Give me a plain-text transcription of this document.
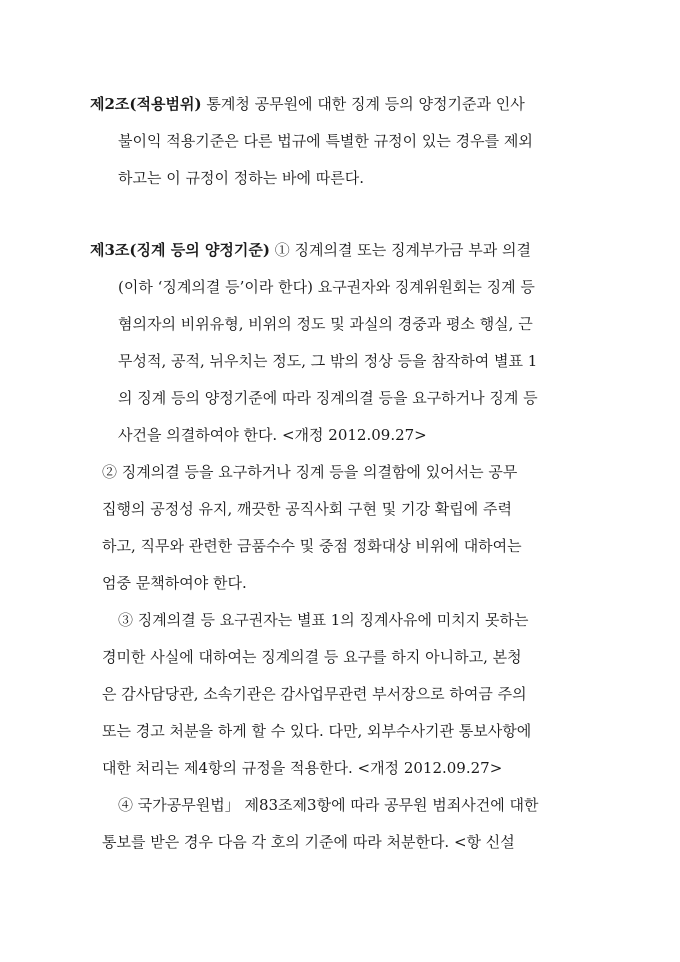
제2조(적용범위) 통계청 공무원에 대한 징계 등의 양정기준과 인사
불이익 적용기준은 다른 법규에 특별한 규정이 있는 경우를 제외
하고는 이 규정이 정하는 바에 따른다.
제3조(징계 등의 양정기준) ① 징계의결 또는 징계부가금 부과 의결
(이하 ‘징계의결 등’이라 한다) 요구권자와 징계위원회는 징계 등
혐의자의 비위유형, 비위의 정도 및 과실의 경중과 평소 행실, 근
무성적, 공적, 뉘우치는 정도, 그 밖의 정상 등을 참작하여 별표 1
의 징계 등의 양정기준에 따라 징계의결 등을 요구하거나 징계 등
사건을 의결하여야 한다. <개정 2012.09.27>
② 징계의결 등을 요구하거나 징계 등을 의결함에 있어서는 공무
집행의 공정성 유지, 깨끗한 공직사회 구현 및 기강 확립에 주력
하고, 직무와 관련한 금품수수 및 중점 정화대상 비위에 대하여는
엄중 문책하여야 한다.
③ 징계의결 등 요구권자는 별표 1의 징계사유에 미치지 못하는
경미한 사실에 대하여는 징계의결 등 요구를 하지 아니하고, 본청
은 감사담당관, 소속기관은 감사업무관련 부서장으로 하여금 주의
또는 경고 처분을 하게 할 수 있다. 다만, 외부수사기관 통보사항에
대한 처리는 제4항의 규정을 적용한다. <개정 2012.09.27>
④ 국가공무원법」 제83조제3항에 따라 공무원 범죄사건에 대한
통보를 받은 경우 다음 각 호의 기준에 따라 처분한다. <항 신설
